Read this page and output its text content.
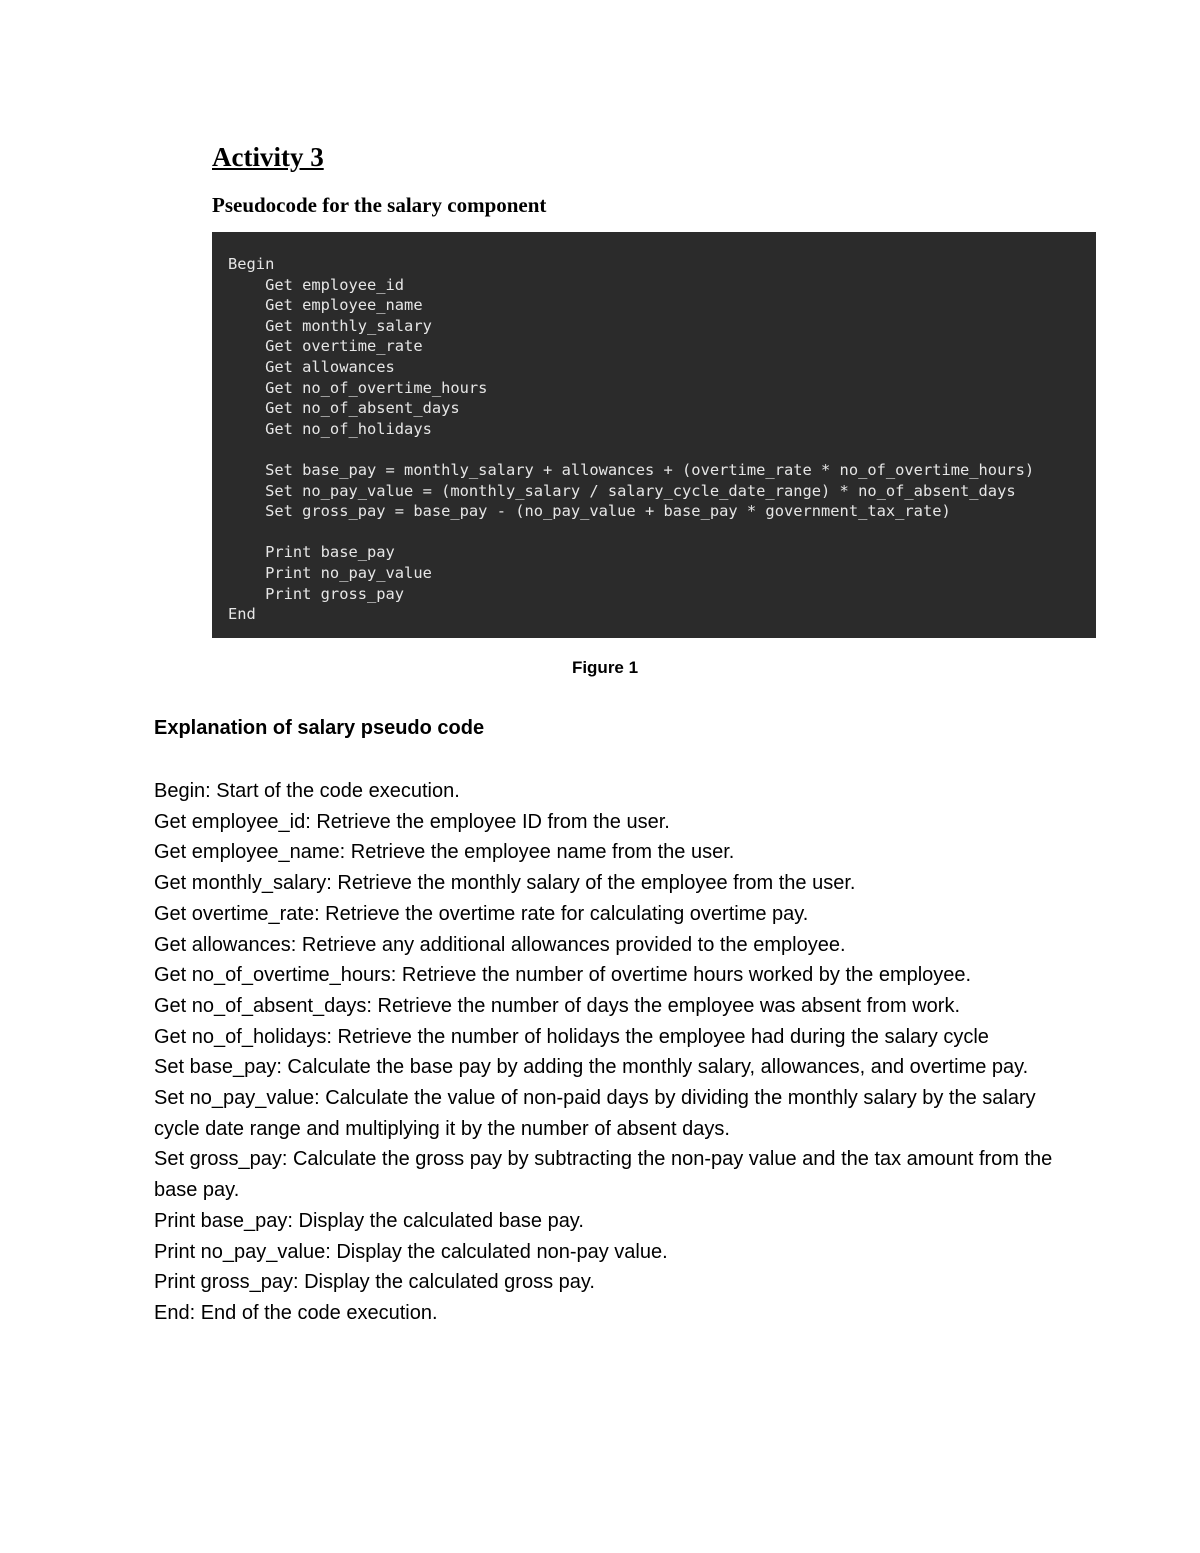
Activity 3
Pseudocode for the salary component
Begin
Get employee_id
Get employee_name
Get monthly_salary
Get overtime_rate
Get allowances
Get no_of_overtime_hours
Get no_of_absent_days
Get no_of_holidays
Set base_pay = monthly_salary + allowances + (overtime_rate * no_of_overtime_hours)
Set no_pay_value = (monthly_salary / salary_cycle_date_range) * no_of_absent_days
Set gross_pay = base_pay - (no_pay_value + base_pay * government_tax_rate)
Print base_pay
Print no_pay_value
Print gross_pay
End
Figure 1
Explanation of salary pseudo code
Begin: Start of the code execution.
Get employee_id: Retrieve the employee ID from the user.
Get employee_name: Retrieve the employee name from the user.
Get monthly_salary: Retrieve the monthly salary of the employee from the user.
Get overtime_rate: Retrieve the overtime rate for calculating overtime pay.
Get allowances: Retrieve any additional allowances provided to the employee.
Get no_of_overtime_hours: Retrieve the number of overtime hours worked by the employee.
Get no_of_absent_days: Retrieve the number of days the employee was absent from work.
Get no_of_holidays: Retrieve the number of holidays the employee had during the salary cycle
Set base_pay: Calculate the base pay by adding the monthly salary, allowances, and overtime pay.
Set no_pay_value: Calculate the value of non-paid days by dividing the monthly salary by the salary cycle date range and multiplying it by the number of absent days.
Set gross_pay: Calculate the gross pay by subtracting the non-pay value and the tax amount from the base pay.
Print base_pay: Display the calculated base pay.
Print no_pay_value: Display the calculated non-pay value.
Print gross_pay: Display the calculated gross pay.
End: End of the code execution.
